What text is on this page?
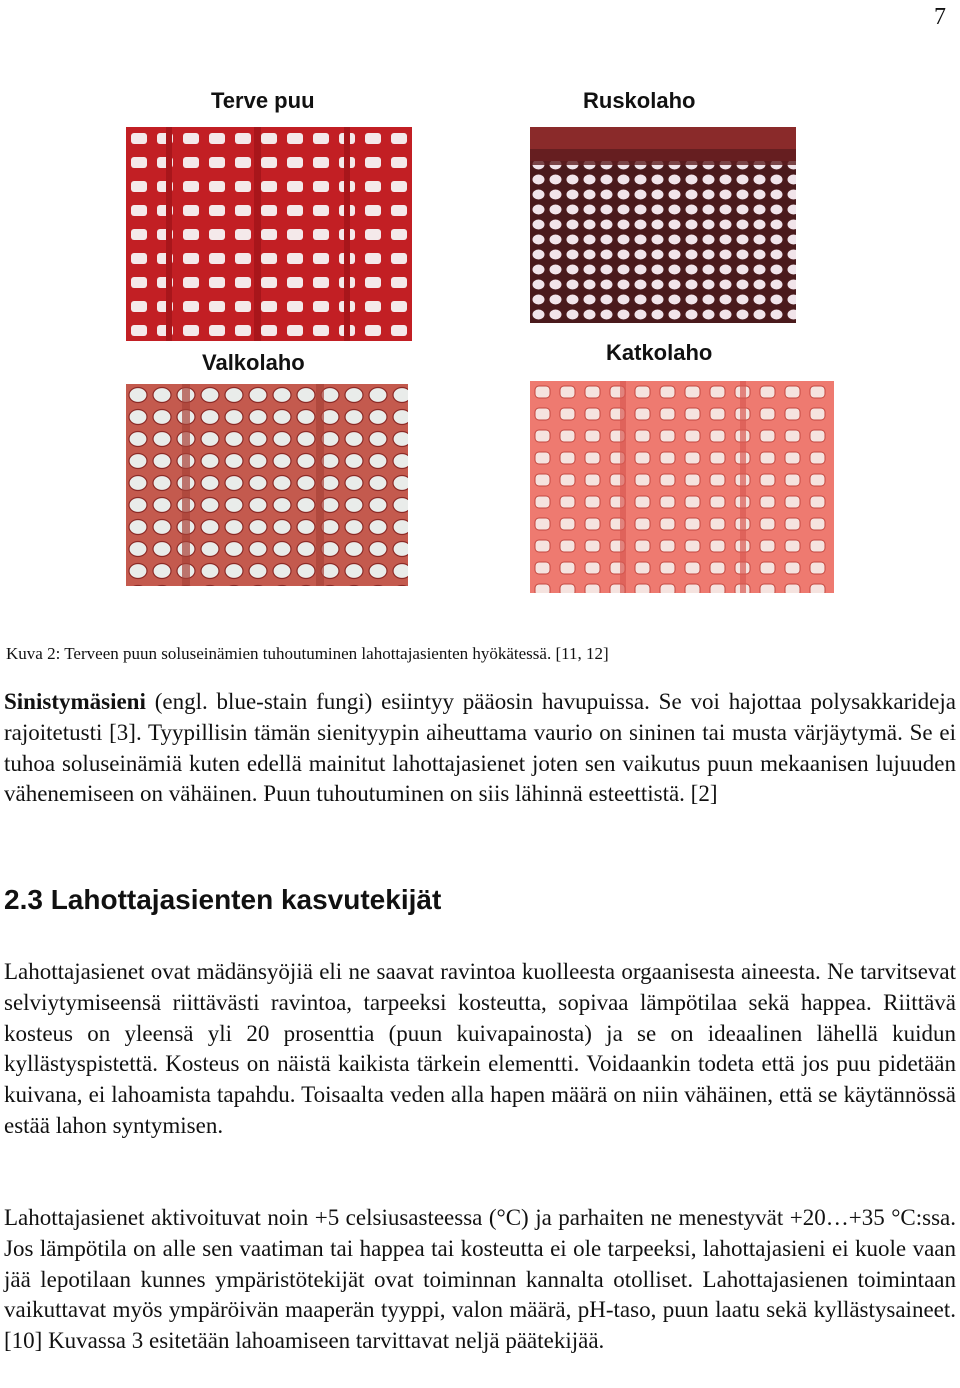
7
Terve puu	Ruskolaho
Valkolaho	Katkolaho
Kuva 2: Terveen puun soluseinämien tuhoutuminen lahottajasienten hyökätessä. [11, 12]
Sinistymäsieni (engl. blue-stain fungi) esiintyy pääosin havupuissa. Se voi hajottaa polysakkarideja rajoitetusti [3]. Tyypillisin tämän sienityypin aiheuttama vaurio on sininen tai musta värjäytymä. Se ei tuhoa soluseinämiä kuten edellä mainitut lahottajasienet joten sen vaikutus puun mekaanisen lujuuden vähenemiseen on vähäinen. Puun tuhoutuminen on siis lähinnä esteettistä. [2]
2.3 Lahottajasienten kasvutekijät
Lahottajasienet ovat mädänsyöjiä eli ne saavat ravintoa kuolleesta orgaanisesta aineesta. Ne tarvitsevat selviytymiseensä riittävästi ravintoa, tarpeeksi kosteutta, sopivaa lämpötilaa sekä happea. Riittävä kosteus on yleensä yli 20 prosenttia (puun kuivapainosta) ja se on ideaalinen lähellä kuidun kyllästyspistettä. Kosteus on näistä kaikista tärkein elementti. Voidaankin todeta että jos puu pidetään kuivana, ei lahoamista tapahdu. Toisaalta veden alla hapen määrä on niin vähäinen, että se käytännössä estää lahon syntymisen.
Lahottajasienet aktivoituvat noin +5 celsiusasteessa (°C) ja parhaiten ne menestyvät +20…+35 °C:ssa. Jos lämpötila on alle sen vaatiman tai happea tai kosteutta ei ole tarpeeksi, lahottajasieni ei kuole vaan jää lepotilaan kunnes ympäristötekijät ovat toiminnan kannalta otolliset. Lahottajasienen toimintaan vaikuttavat myös ympäröivän maaperän tyyppi, valon määrä, pH-taso, puun laatu sekä kyllästysaineet. [10] Kuvassa 3 esitetään lahoamiseen tarvittavat neljä päätekijää.
